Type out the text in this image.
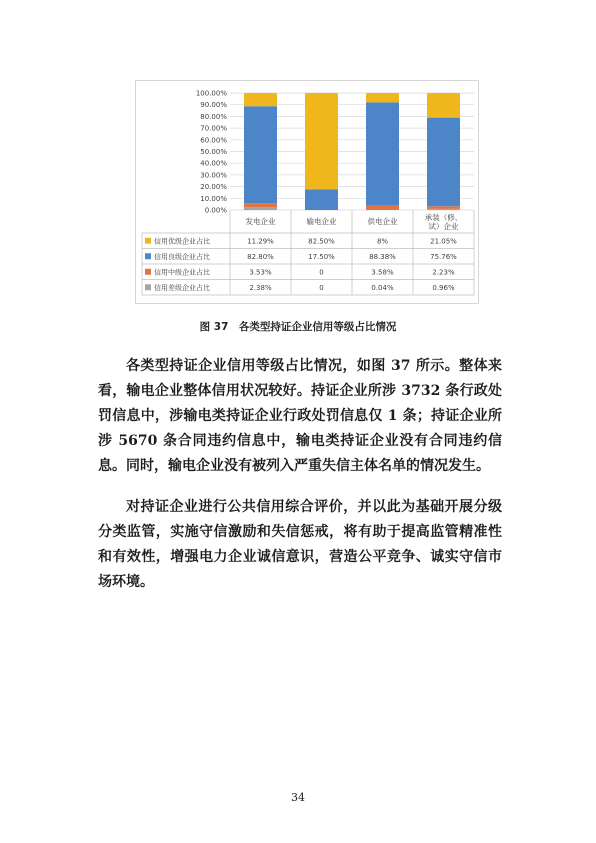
0.00%
10.00%
20.00%
30.00%
40.00%
50.00%
60.00%
70.00%
80.00%
90.00%
100.00%
发电企业	输电企业	供电企业	承装（修、
试）企业
信用优级企业占比	11.29%	82.50%	8%	21.05%
信用良级企业占比	82.80%	17.50%	88.38%	75.76%
信用中级企业占比	3.53%	0	3.58%	2.23%
信用差级企业占比	2.38%	0	0.04%	0.96%
图 37　各类型持证企业信用等级占比情况
各类型持证企业信用等级占比情况，如图 37 所示。整体来看，输电企业整体信用状况较好。持证企业所涉 3732 条行政处罚信息中，涉输电类持证企业行政处罚信息仅 1 条；持证企业所涉 5670 条合同违约信息中，输电类持证企业没有合同违约信息。同时，输电企业没有被列入严重失信主体名单的情况发生。
对持证企业进行公共信用综合评价，并以此为基础开展分级分类监管，实施守信激励和失信惩戒，将有助于提高监管精准性和有效性，增强电力企业诚信意识，营造公平竞争、诚实守信市场环境。
34
